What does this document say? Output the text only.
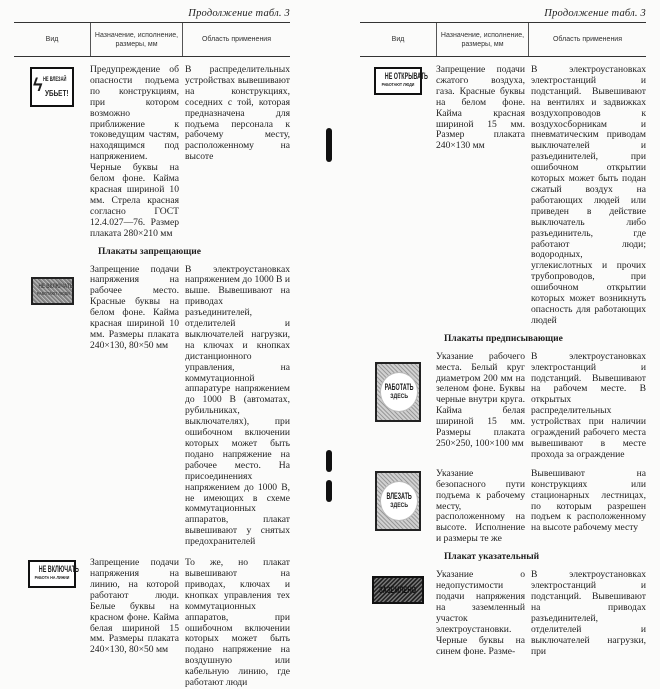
Продолжение табл. 3
Вид
Назначение, исполнение, размеры, мм
Область применения
ϟ НЕ ВЛЕЗАЙ
УБЬЕТ!
Предупреждение об опасности подъема по конструкциям, при котором возможно приближение к токоведущим частям, находящимся под напряжением. Черные буквы на белом фоне. Кайма красная шириной 10 мм. Стрела красная согласно ГОСТ 12.4.027—76. Размер плаката 280×210 мм
В распределительных устройствах вывешивают на конструкциях, соседних с той, которая предназначена для подъема персонала к рабочему месту, расположенному на высоте
Плакаты запрещающие
НЕ ВКЛЮЧАТЬ
РАБОТАЮТ ЛЮДИ
Запрещение подачи напряжения на рабочее место. Красные буквы на белом фоне. Кайма красная шириной 10 мм. Размеры плаката 240×130, 80×50 мм
В электроустановках напряжением до 1000 В и выше. Вывешивают на приводах разъединителей, отделителей и выключателей нагрузки, на ключах и кнопках дистанционного управления, на коммутационной аппаратуре напряжением до 1000 В (автоматах, рубильниках, выключателях), при ошибочном включении которых может быть подано напряжение на рабочее место. На присоединениях напряжением до 1000 В, не имеющих в схеме коммутационных аппаратов, плакат вывешивают у снятых предохранителей
НЕ ВКЛЮЧАТЬ
РАБОТА НА ЛИНИИ
Запрещение подачи напряжения на линию, на которой работают люди. Белые буквы на красном фоне. Кайма белая шириной 15 мм. Размеры плаката 240×130, 80×50 мм
То же, но плакат вывешивают на приводах, ключах и кнопках управления тех коммутационных аппаратов, при ошибочном включении которых может быть подано напряжение на воздушную или кабельную линию, где работают люди
Продолжение табл. 3
Вид
Назначение, исполнение, размеры, мм
Область применения
НЕ ОТКРЫВАТЬ
РАБОТАЮТ ЛЮДИ
Запрещение подачи сжатого воздуха, газа. Красные буквы на белом фоне. Кайма красная шириной 15 мм. Размер плаката 240×130 мм
В электроустановках электростанций и подстанций. Вывешивают на вентилях и задвижках воздухопроводов к воздухосборникам и пневматическим приводам выключателей и разъединителей, при ошибочном открытии которых может быть подан сжатый воздух на работающих людей или приведен в действие выключатель либо разъединитель, где работают люди; водородных, углекислотных и прочих трубопроводов, при ошибочном открытии которых может возникнуть опасность для работающих людей
Плакаты предписывающие
РАБОТАТЬ
ЗДЕСЬ
Указание рабочего места. Белый круг диаметром 200 мм на зеленом фоне. Буквы черные внутри круга. Кайма белая шириной 15 мм. Размеры плаката 250×250, 100×100 мм
В электроустановках электростанций и подстанций. Вывешивают на рабочем месте. В открытых распределительных устройствах при наличии ограждений рабочего места вывешивают в месте прохода за ограждение
ВЛЕЗАТЬ
ЗДЕСЬ
Указание безопасного пути подъема к рабочему месту, расположенному на высоте. Исполнение и размеры те же
Вывешивают на конструкциях или стационарных лестницах, по которым разрешен подъем к расположенному на высоте рабочему месту
Плакат указательный
ЗАЗЕМЛЕНО
Указание о недопустимости подачи напряжения на заземленный участок электроустановки. Черные буквы на синем фоне. Разме-
В электроустановках электростанций и подстанций. Вывешивают на приводах разъединителей, отделителей и выключателей нагрузки, при
